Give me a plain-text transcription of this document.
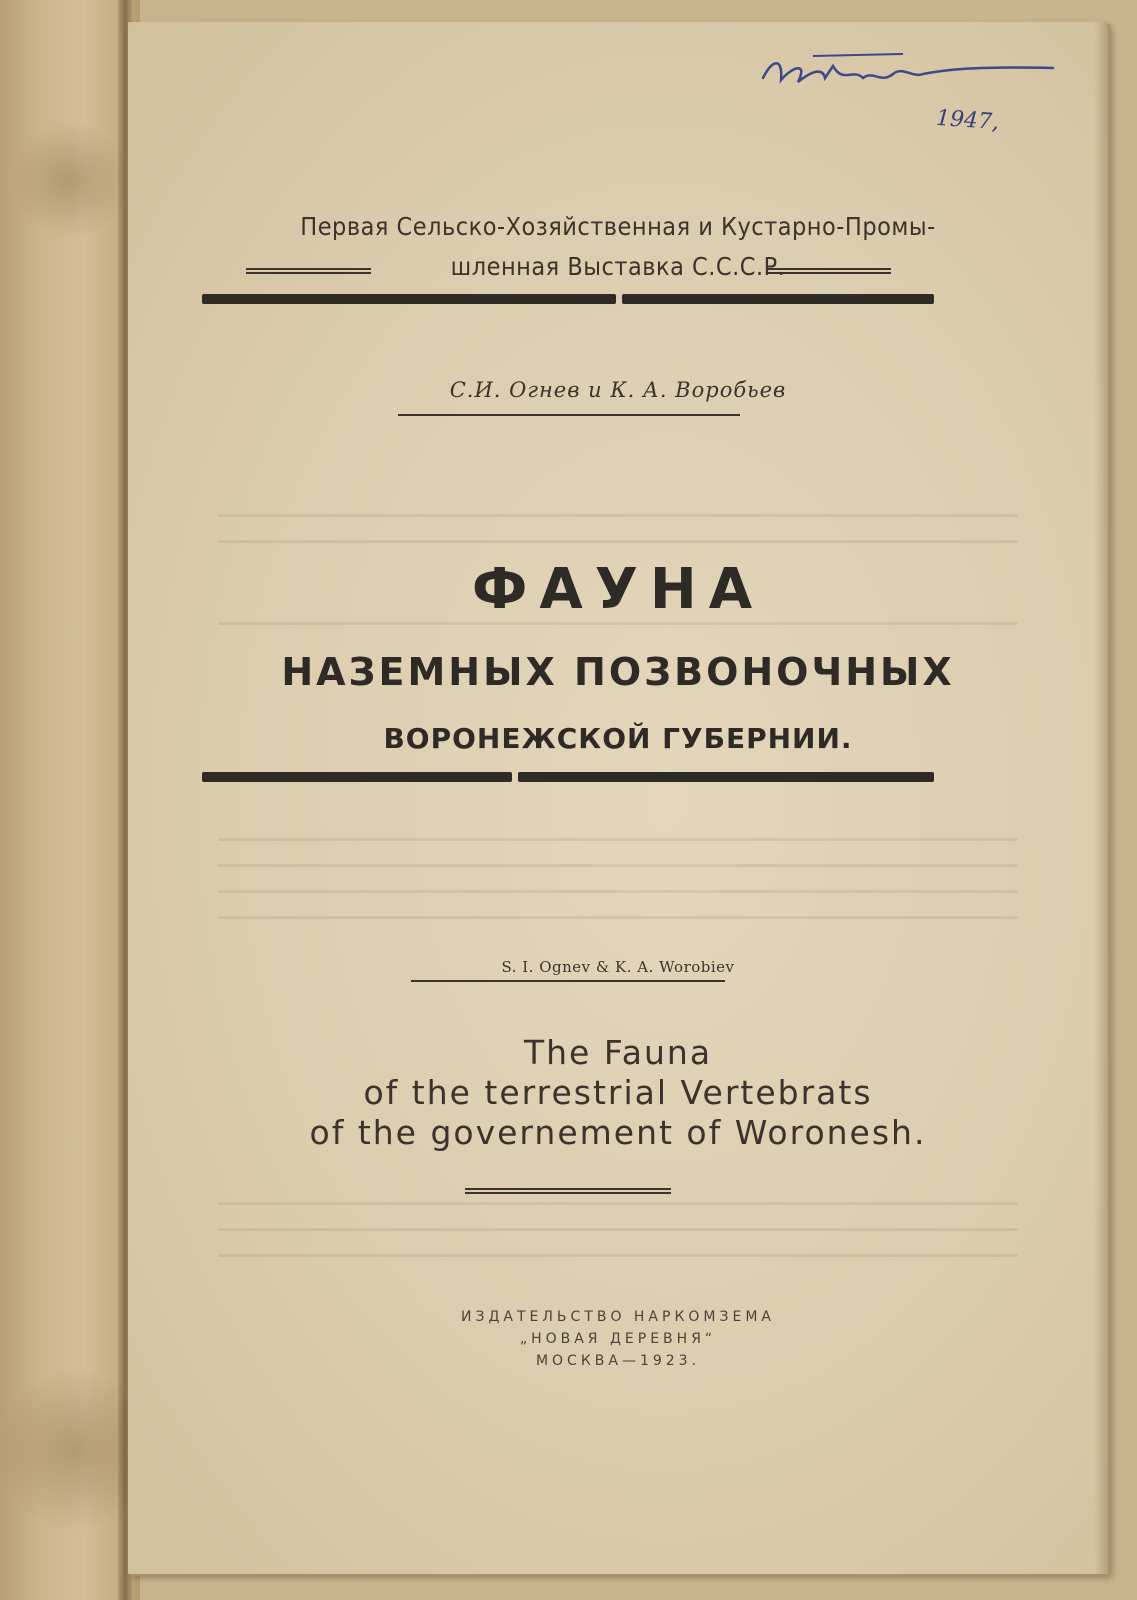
1947,
Первая Сельско-Хозяйственная и Кустарно-Промы-
шленная Выставка С.С.С.Р.
С.И. Огнев и К. А. Воробьев
ФАУНА
НАЗЕМНЫХ ПОЗВОНОЧНЫХ
ВОРОНЕЖСКОЙ ГУБЕРНИИ.
S. I. Ognev & K. A. Worobiev
The Fauna
of the terrestrial Vertebrats
of the governement of Woronesh.
ИЗДАТЕЛЬСТВО НАРКОМЗЕМА
„НОВАЯ ДЕРЕВНЯ“
МОСКВА—1923.
